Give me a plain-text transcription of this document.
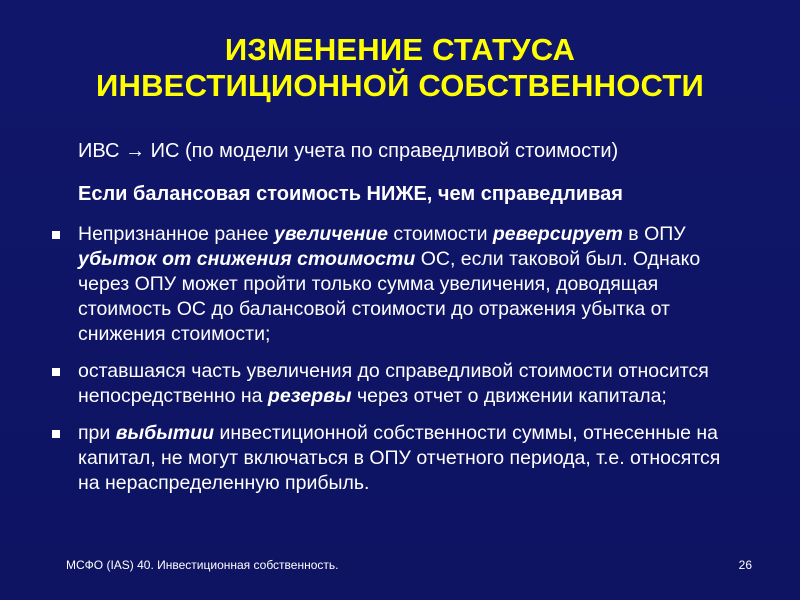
ИЗМЕНЕНИЕ СТАТУСА
ИНВЕСТИЦИОННОЙ СОБСТВЕННОСТИ
ИВС → ИС (по модели учета по справедливой стоимости)
Если балансовая стоимость НИЖЕ, чем справедливая
Непризнанное ранее увеличение стоимости реверсирует в ОПУ убыток от снижения стоимости ОС, если таковой был. Однако через ОПУ может пройти только сумма увеличения, доводящая стоимость ОС до балансовой стоимости до отражения убытка от снижения стоимости;
оставшаяся часть увеличения до справедливой стоимости относится непосредственно на резервы через отчет о движении капитала;
при выбытии инвестиционной собственности суммы, отнесенные на капитал, не могут включаться в ОПУ отчетного периода, т.е. относятся на нераспределенную прибыль.
МСФО (IAS) 40. Инвестиционная собственность.	26
